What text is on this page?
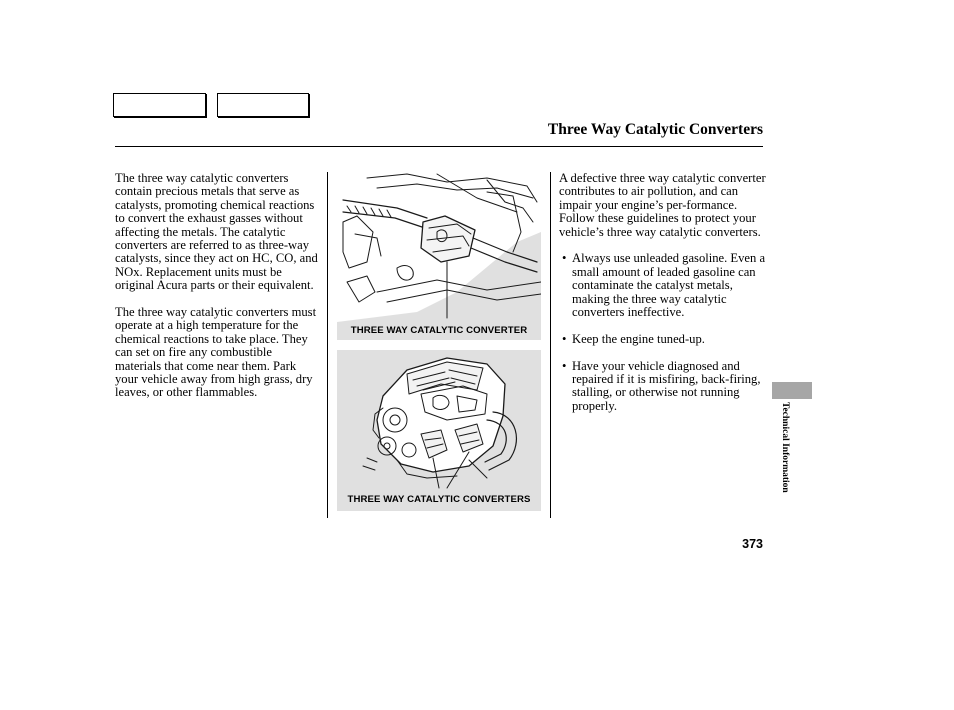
Three Way Catalytic Converters

The three way catalytic converters contain precious metals that serve as catalysts, promoting chemical reactions to convert the exhaust gasses without affecting the metals. The catalytic converters are referred to as three-way catalysts, since they act on HC, CO, and NOx. Replacement units must be original Acura parts or their equivalent.

The three way catalytic converters must operate at a high temperature for the chemical reactions to take place. They can set on fire any combustible materials that come near them. Park your vehicle away from high grass, dry leaves, or other flammables.

THREE WAY CATALYTIC CONVERTER
THREE WAY CATALYTIC CONVERTERS

A defective three way catalytic converter contributes to air pollution, and can impair your engine’s per-formance. Follow these guidelines to protect your vehicle’s three way catalytic converters.

• Always use unleaded gasoline. Even a small amount of leaded gasoline can contaminate the catalyst metals, making the three way catalytic converters ineffective.
• Keep the engine tuned-up.
• Have your vehicle diagnosed and repaired if it is misfiring, back-firing, stalling, or otherwise not running properly.	Technical Information
373
